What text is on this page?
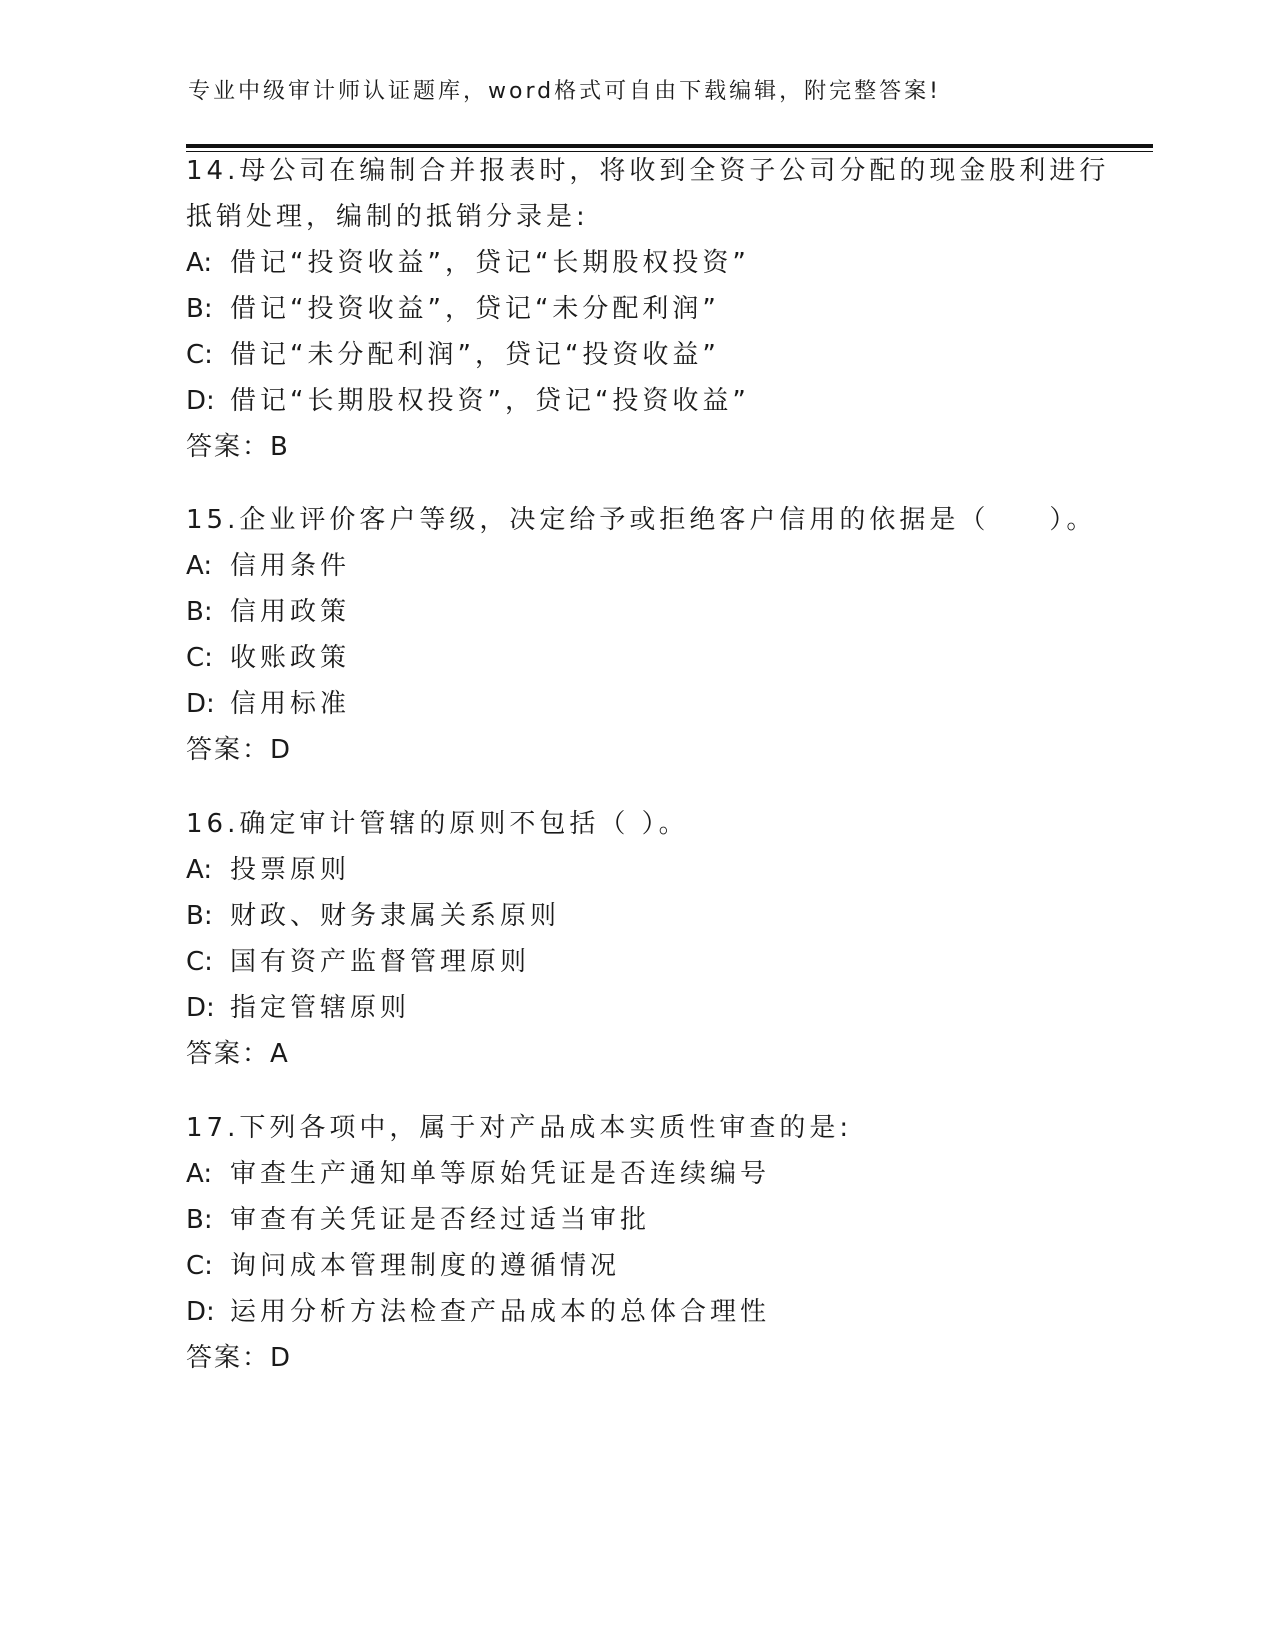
专业中级审计师认证题库，word格式可自由下载编辑，附完整答案!
14.母公司在编制合并报表时，将收到全资子公司分配的现金股利进行
抵销处理，编制的抵销分录是:
A: 借记“投资收益”，贷记“长期股权投资”
B: 借记“投资收益”，贷记“未分配利润”
C: 借记“未分配利润”，贷记“投资收益”
D: 借记“长期股权投资”，贷记“投资收益”
答案：B
15.企业评价客户等级，决定给予或拒绝客户信用的依据是（　　）。
A: 信用条件
B: 信用政策
C: 收账政策
D: 信用标准
答案：D
16.确定审计管辖的原则不包括（ ）。
A: 投票原则
B: 财政、财务隶属关系原则
C: 国有资产监督管理原则
D: 指定管辖原则
答案：A
17.下列各项中，属于对产品成本实质性审查的是:
A: 审查生产通知单等原始凭证是否连续编号
B: 审查有关凭证是否经过适当审批
C: 询问成本管理制度的遵循情况
D: 运用分析方法检查产品成本的总体合理性
答案：D
